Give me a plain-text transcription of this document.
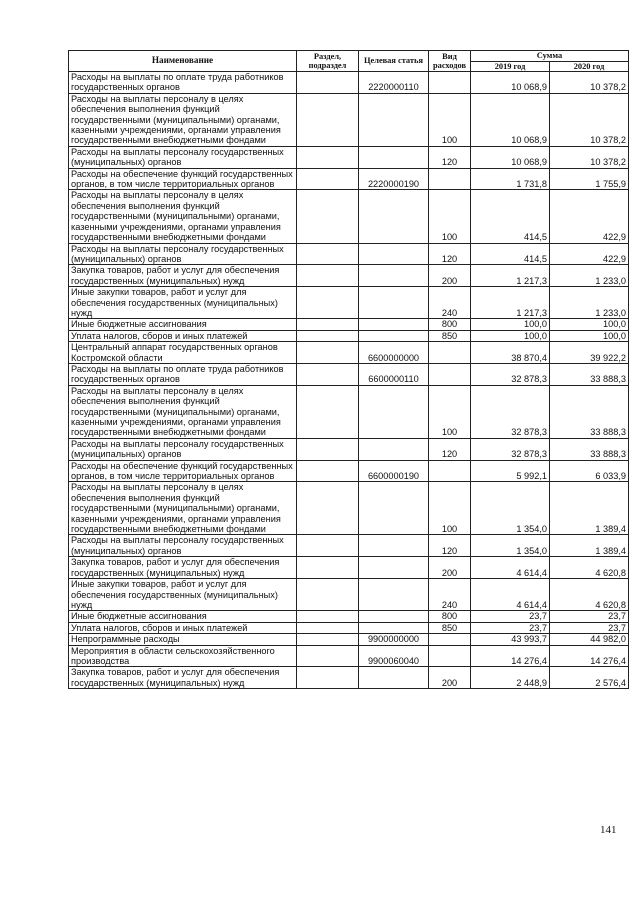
Наименование	Раздел, подраздел	Целевая статья	Вид расходов	Сумма	
				2019 год	2020 год
Расходы на выплаты по оплате труда работников государственных органов		2220000110		10 068,9	10 378,2
Расходы на выплаты персоналу в целях обеспечения выполнения функций государственными (муниципальными) органами, казенными учреждениями, органами управления государственными внебюджетными фондами			100	10 068,9	10 378,2
Расходы на выплаты персоналу государственных (муниципальных) органов			120	10 068,9	10 378,2
Расходы на обеспечение функций государственных органов, в том числе территориальных органов		2220000190		1 731,8	1 755,9
Расходы на выплаты персоналу в целях обеспечения выполнения функций государственными (муниципальными) органами, казенными учреждениями, органами управления государственными внебюджетными фондами			100	414,5	422,9
Расходы на выплаты персоналу государственных (муниципальных) органов			120	414,5	422,9
Закупка товаров, работ и услуг для обеспечения государственных (муниципальных) нужд			200	1 217,3	1 233,0
Иные закупки товаров, работ и услуг для обеспечения государственных (муниципальных) нужд			240	1 217,3	1 233,0
Иные бюджетные ассигнования			800	100,0	100,0
Уплата налогов, сборов и иных платежей			850	100,0	100,0
Центральный аппарат государственных органов Костромской области		6600000000		38 870,4	39 922,2
Расходы на выплаты по оплате труда работников государственных органов		6600000110		32 878,3	33 888,3
Расходы на выплаты персоналу в целях обеспечения выполнения функций государственными (муниципальными) органами, казенными учреждениями, органами управления государственными внебюджетными фондами			100	32 878,3	33 888,3
Расходы на выплаты персоналу государственных (муниципальных) органов			120	32 878,3	33 888,3
Расходы на обеспечение функций государственных органов, в том числе территориальных органов		6600000190		5 992,1	6 033,9
Расходы на выплаты персоналу в целях обеспечения выполнения функций государственными (муниципальными) органами, казенными учреждениями, органами управления государственными внебюджетными фондами			100	1 354,0	1 389,4
Расходы на выплаты персоналу государственных (муниципальных) органов			120	1 354,0	1 389,4
Закупка товаров, работ и услуг для обеспечения государственных (муниципальных) нужд			200	4 614,4	4 620,8
Иные закупки товаров, работ и услуг для обеспечения государственных (муниципальных) нужд			240	4 614,4	4 620,8
Иные бюджетные ассигнования			800	23,7	23,7
Уплата налогов, сборов и иных платежей			850	23,7	23,7
Непрограммные расходы		9900000000		43 993,7	44 982,0
Мероприятия в области сельскохозяйственного производства		9900060040		14 276,4	14 276,4
Закупка товаров, работ и услуг для обеспечения государственных (муниципальных) нужд			200	2 448,9	2 576,4
141
